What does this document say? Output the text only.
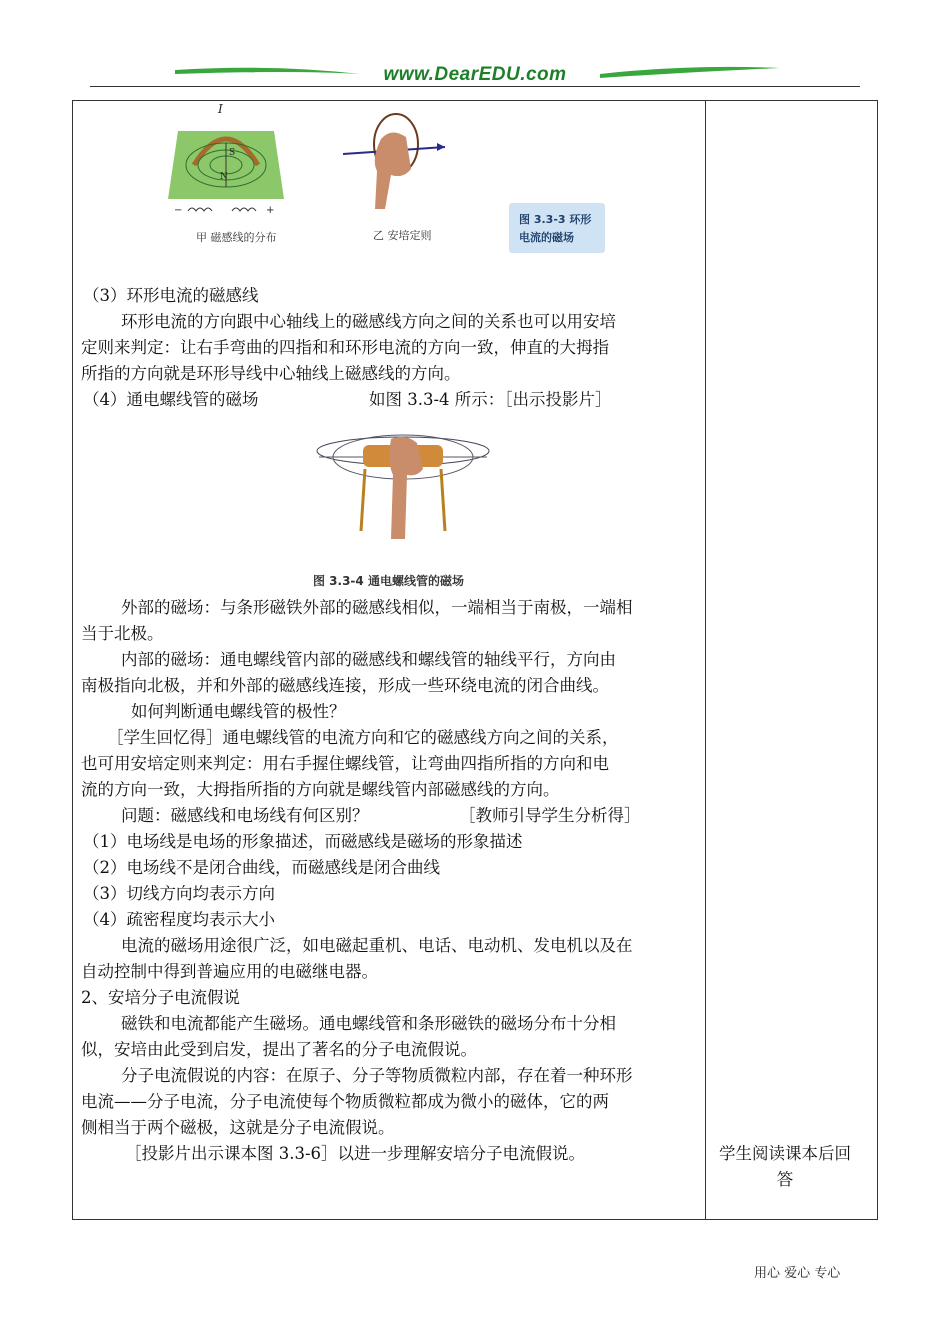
www.DearEDU.com
I
S
N
−	+
甲 磁感线的分布	乙 安培定则
图 3.3-3 环形
电流的磁场
图 3.3-4 通电螺线管的磁场

（3）环形电流的磁感线

环形电流的方向跟中心轴线上的磁感线方向之间的关系也可以用安培

定则来判定：让右手弯曲的四指和和环形电流的方向一致，伸直的大拇指

所指的方向就是环形导线中心轴线上磁感线的方向。

（4）通电螺线管的磁场	如图 3.3-4 所示：［出示投影片］

外部的磁场：与条形磁铁外部的磁感线相似，一端相当于南极，一端相

当于北极。

内部的磁场：通电螺线管内部的磁感线和螺线管的轴线平行，方向由

南极指向北极，并和外部的磁感线连接，形成一些环绕电流的闭合曲线。

如何判断通电螺线管的极性？

［学生回忆得］通电螺线管的电流方向和它的磁感线方向之间的关系，

也可用安培定则来判定：用右手握住螺线管，让弯曲四指所指的方向和电

流的方向一致，大拇指所指的方向就是螺线管内部磁感线的方向。

问题：磁感线和电场线有何区别？	［教师引导学生分析得］

（1）电场线是电场的形象描述，而磁感线是磁场的形象描述

（2）电场线不是闭合曲线，而磁感线是闭合曲线

（3）切线方向均表示方向

（4）疏密程度均表示大小

电流的磁场用途很广泛，如电磁起重机、电话、电动机、发电机以及在

自动控制中得到普遍应用的电磁继电器。

2、安培分子电流假说

磁铁和电流都能产生磁场。通电螺线管和条形磁铁的磁场分布十分相

似，安培由此受到启发，提出了著名的分子电流假说。

分子电流假说的内容：在原子、分子等物质微粒内部，存在着一种环形

电流——分子电流，分子电流使每个物质微粒都成为微小的磁体，它的两

侧相当于两个磁极，这就是分子电流假说。

［投影片出示课本图 3.3-6］以进一步理解安培分子电流假说。	学生阅读课本后回
答
用心 爱心 专心
